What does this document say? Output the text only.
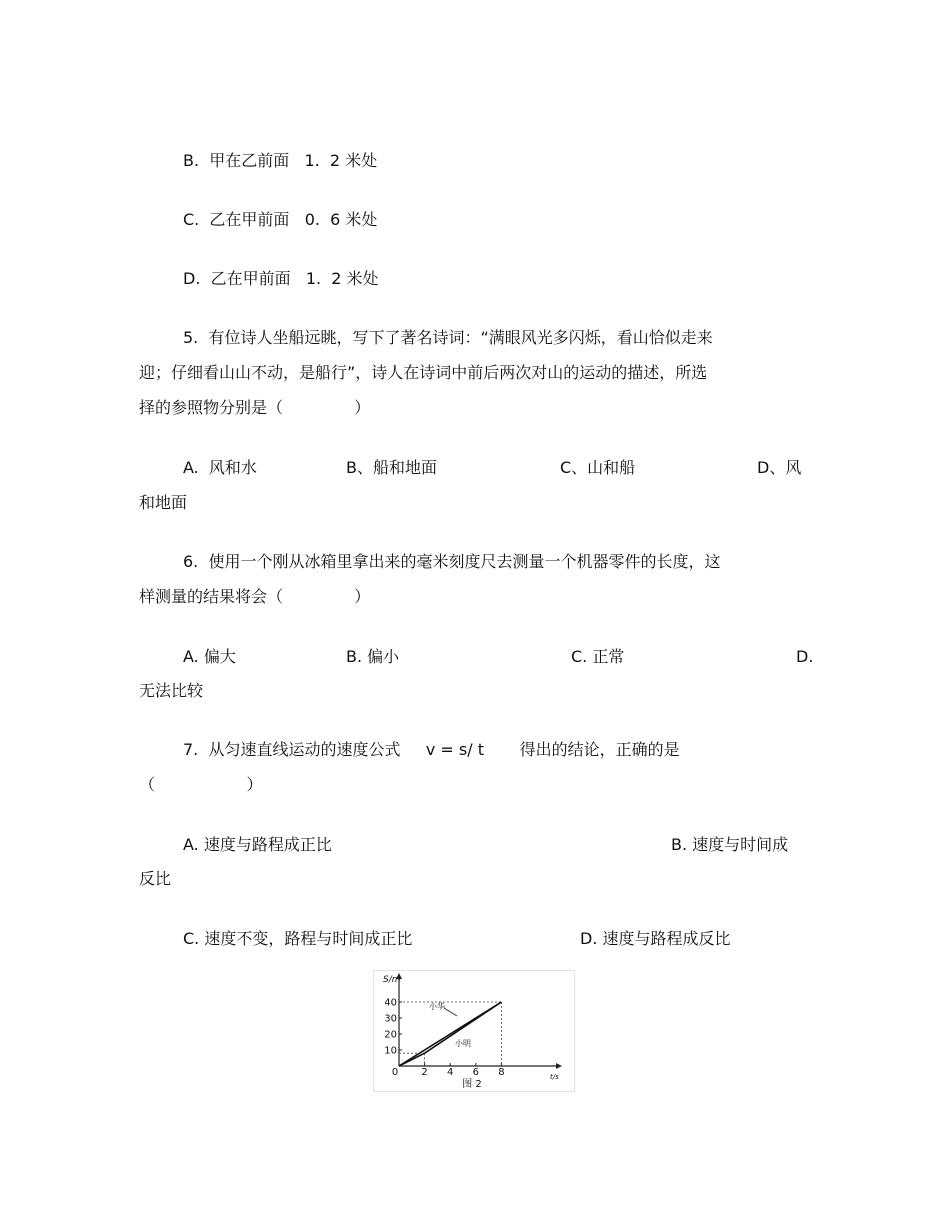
B.  甲在乙前面   1.  2 米处
C.  乙在甲前面   0.  6 米处
D.  乙在甲前面   1.  2 米处
5.  有位诗人坐船远眺，写下了著名诗词：“满眼风光多闪烁，看山恰似走来
迎；仔细看山山不动，是船行”，诗人在诗词中前后两次对山的运动的描述，所选
择的参照物分别是（              ）
A.  风和水	B、船和地面	C、山和船	D、风
和地面
6.  使用一个刚从冰箱里拿出来的毫米刻度尺去测量一个机器零件的长度，这
样测量的结果将会（              ）
A. 偏大	B. 偏小	C. 正常	D.
无法比较
7.  从匀速直线运动的速度公式     v = s/ t       得出的结论，正确的是
（                  ）
A. 速度与路程成正比	B. 速度与时间成
反比
C. 速度不变，路程与时间成正比	D. 速度与路程成反比
2 4 6 8
10
20
30
40
S/m
t/s
0
小华
小明
图 2
